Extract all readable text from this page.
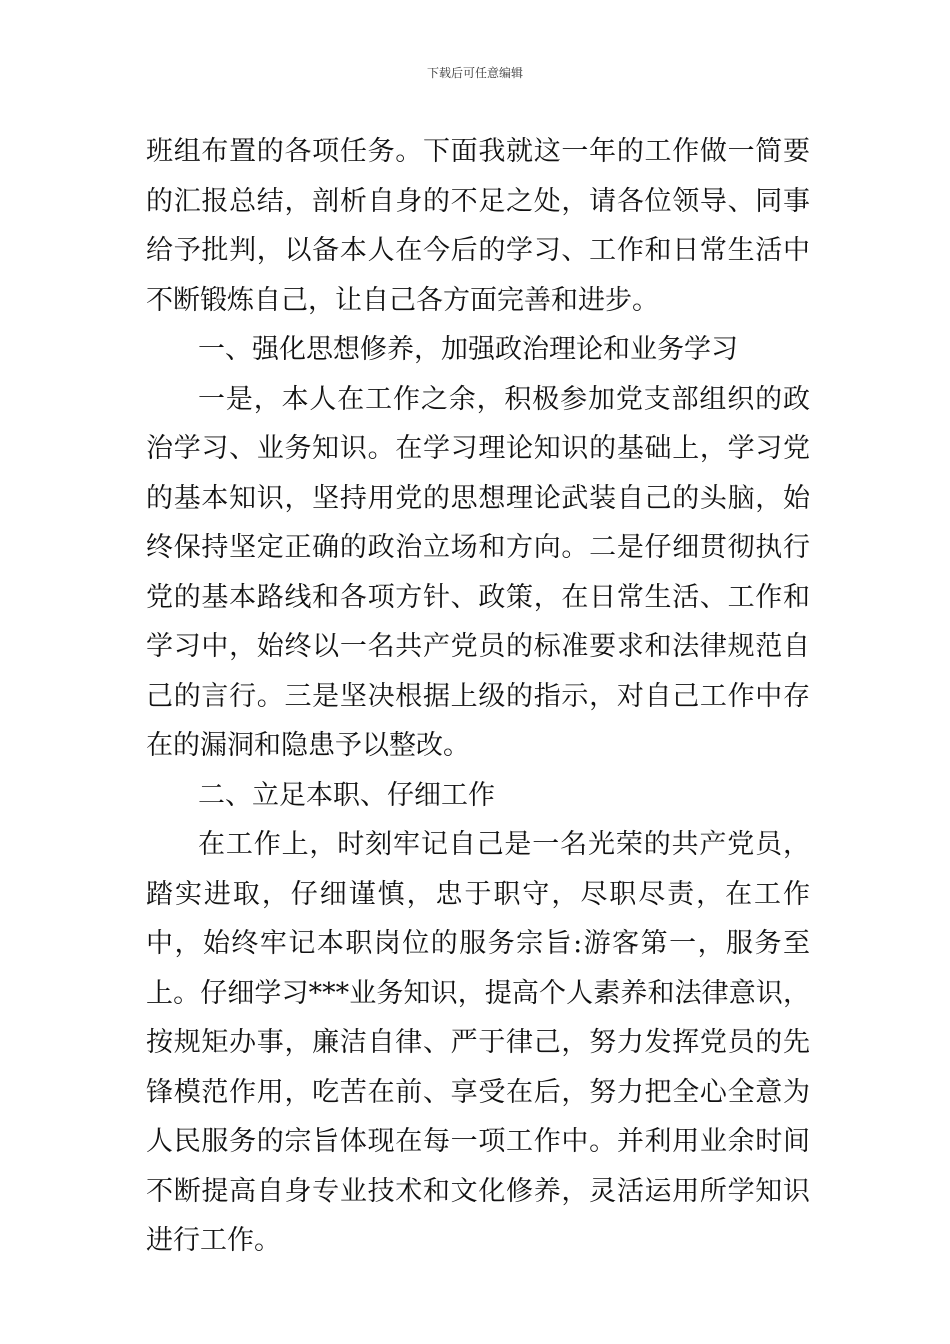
下载后可任意编辑

班组布置的各项任务。下面我就这一年的工作做一简要的汇报总结，剖析自身的不足之处，请各位领导、同事给予批判，以备本人在今后的学习、工作和日常生活中不断锻炼自己，让自己各方面完善和进步。

一、强化思想修养，加强政治理论和业务学习

一是，本人在工作之余，积极参加党支部组织的政治学习、业务知识。在学习理论知识的基础上，学习党的基本知识，坚持用党的思想理论武装自己的头脑，始终保持坚定正确的政治立场和方向。二是仔细贯彻执行党的基本路线和各项方针、政策，在日常生活、工作和学习中，始终以一名共产党员的标准要求和法律规范自己的言行。三是坚决根据上级的指示，对自己工作中存在的漏洞和隐患予以整改。

二、立足本职、仔细工作

在工作上，时刻牢记自己是一名光荣的共产党员，踏实进取，仔细谨慎，忠于职守，尽职尽责，在工作中，始终牢记本职岗位的服务宗旨:游客第一，服务至上。仔细学习***业务知识，提高个人素养和法律意识，按规矩办事，廉洁自律、严于律己，努力发挥党员的先锋模范作用，吃苦在前、享受在后，努力把全心全意为人民服务的宗旨体现在每一项工作中。并利用业余时间不断提高自身专业技术和文化修养，灵活运用所学知识进行工作。
